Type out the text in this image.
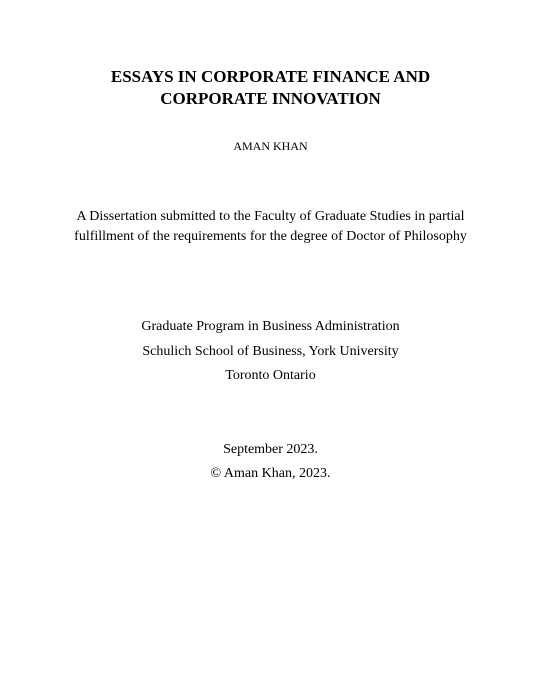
ESSAYS IN CORPORATE FINANCE AND
CORPORATE INNOVATION
AMAN KHAN
A Dissertation submitted to the Faculty of Graduate Studies in partial
fulfillment of the requirements for the degree of Doctor of Philosophy
Graduate Program in Business Administration
Schulich School of Business, York University
Toronto Ontario
September 2023.
© Aman Khan, 2023.
